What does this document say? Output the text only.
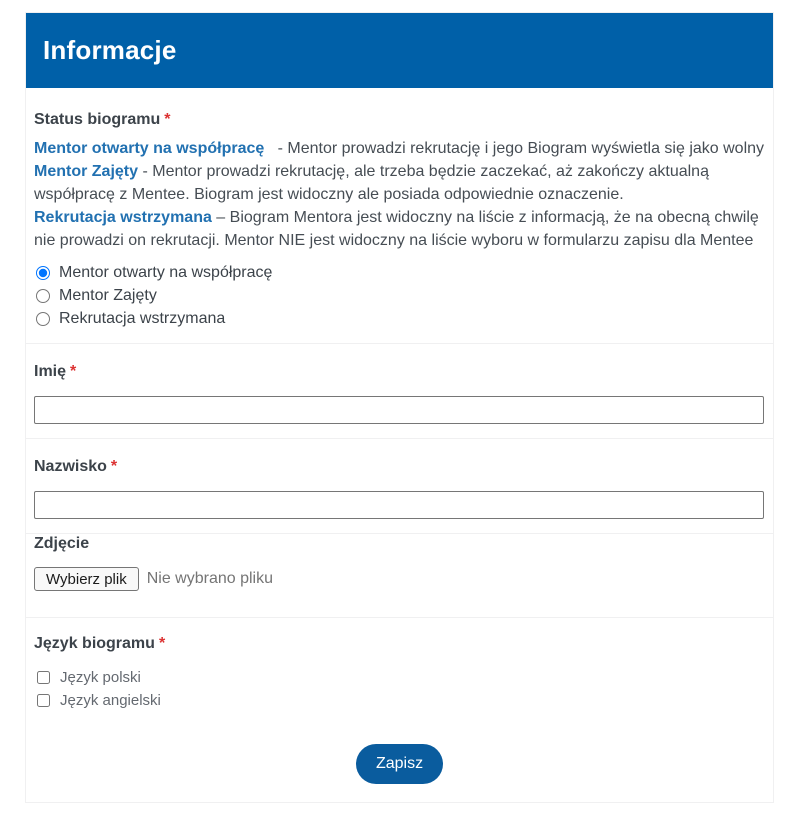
Informacje
Status biogramu *
Mentor otwarty na współpracę   - Mentor prowadzi rekrutację i jego Biogram wyświetla się jako wolny
Mentor Zajęty - Mentor prowadzi rekrutację, ale trzeba będzie zaczekać, aż zakończy aktualną współpracę z Mentee. Biogram jest widoczny ale posiada odpowiednie oznaczenie.
Rekrutacja wstrzymana – Biogram Mentora jest widoczny na liście z informacją, że na obecną chwilę nie prowadzi on rekrutacji. Mentor NIE jest widoczny na liście wyboru w formularzu zapisu dla Mentee
Mentor otwarty na współpracę
Mentor Zajęty
Rekrutacja wstrzymana
Imię *
Nazwisko *
Zdjęcie
Wybierz plik	Nie wybrano pliku
Język biogramu *
Język polski
Język angielski
Zapisz
